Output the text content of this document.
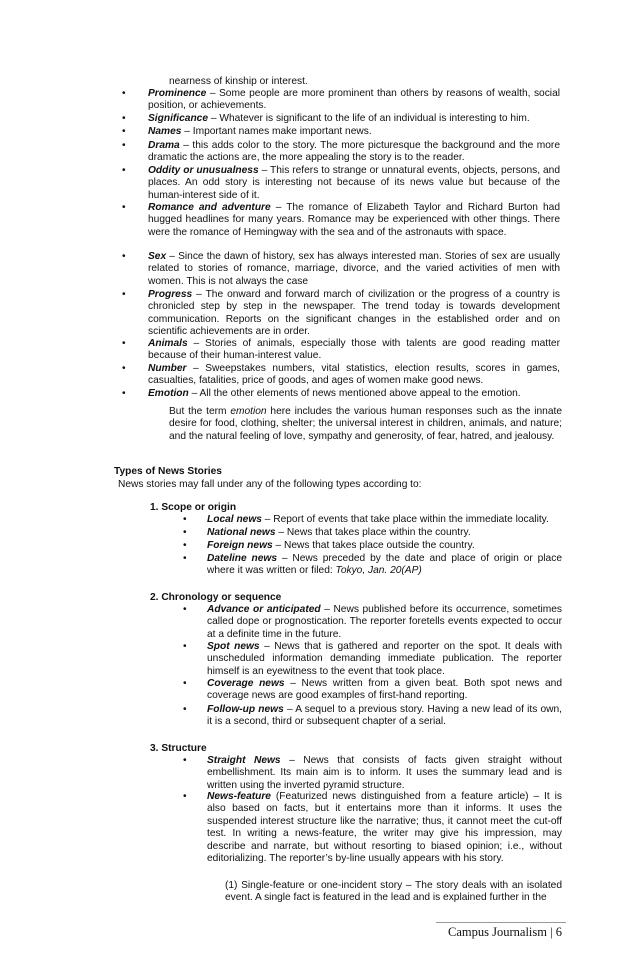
nearness of kinship or interest.

• Prominence – Some people are more prominent than others by reasons of wealth, social position, or achievements.

• Significance – Whatever is significant to the life of an individual is interesting to him.

• Names – Important names make important news.

• Drama – this adds color to the story. The more picturesque the background and the more dramatic the actions are, the more appealing the story is to the reader.

• Oddity or unusualness – This refers to strange or unnatural events, objects, persons, and places. An odd story is interesting not because of its news value but because of the human-interest side of it.

• Romance and adventure – The romance of Elizabeth Taylor and Richard Burton had hugged headlines for many years. Romance may be experienced with other things. There were the romance of Hemingway with the sea and of the astronauts with space.

• Sex – Since the dawn of history, sex has always interested man. Stories of sex are usually related to stories of romance, marriage, divorce, and the varied activities of men with women. This is not always the case

• Progress – The onward and forward march of civilization or the progress of a country is chronicled step by step in the newspaper. The trend today is towards development communication. Reports on the significant changes in the established order and on scientific achievements are in order.

• Animals – Stories of animals, especially those with talents are good reading matter because of their human-interest value.

• Number – Sweepstakes numbers, vital statistics, election results, scores in games, casualties, fatalities, price of goods, and ages of women make good news.

• Emotion – All the other elements of news mentioned above appeal to the emotion.

But the term emotion here includes the various human responses such as the innate desire for food, clothing, shelter; the universal interest in children, animals, and nature; and the natural feeling of love, sympathy and generosity, of fear, hatred, and jealousy.

Types of News Stories
News stories may fall under any of the following types according to:
1. Scope or origin
• Local news – Report of events that take place within the immediate locality.

• National news – News that takes place within the country.

• Foreign news – News that takes place outside the country.

• Dateline news – News preceded by the date and place of origin or place where it was written or filed: Tokyo, Jan. 20(AP)

2. Chronology or sequence
• Advance or anticipated – News published before its occurrence, sometimes called dope or prognostication. The reporter foretells events expected to occur at a definite time in the future.

• Spot news – News that is gathered and reporter on the spot. It deals with unscheduled information demanding immediate publication. The reporter himself is an eyewitness to the event that took place.

• Coverage news – News written from a given beat. Both spot news and coverage news are good examples of first-hand reporting.

• Follow-up news – A sequel to a previous story. Having a new lead of its own, it is a second, third or subsequent chapter of a serial.

3. Structure
• Straight News – News that consists of facts given straight without embellishment. Its main aim is to inform. It uses the summary lead and is written using the inverted pyramid structure.

• News-feature (Featurized news distinguished from a feature article) – It is also based on facts, but it entertains more than it informs. It uses the suspended interest structure like the narrative; thus, it cannot meet the cut-off test. In writing a news-feature, the writer may give his impression, may describe and narrate, but without resorting to biased opinion; i.e., without editorializing. The reporter’s by-line usually appears with his story.

(1) Single-feature or one-incident story – The story deals with an isolated event. A single fact is featured in the lead and is explained further in the

Campus Journalism | 6
